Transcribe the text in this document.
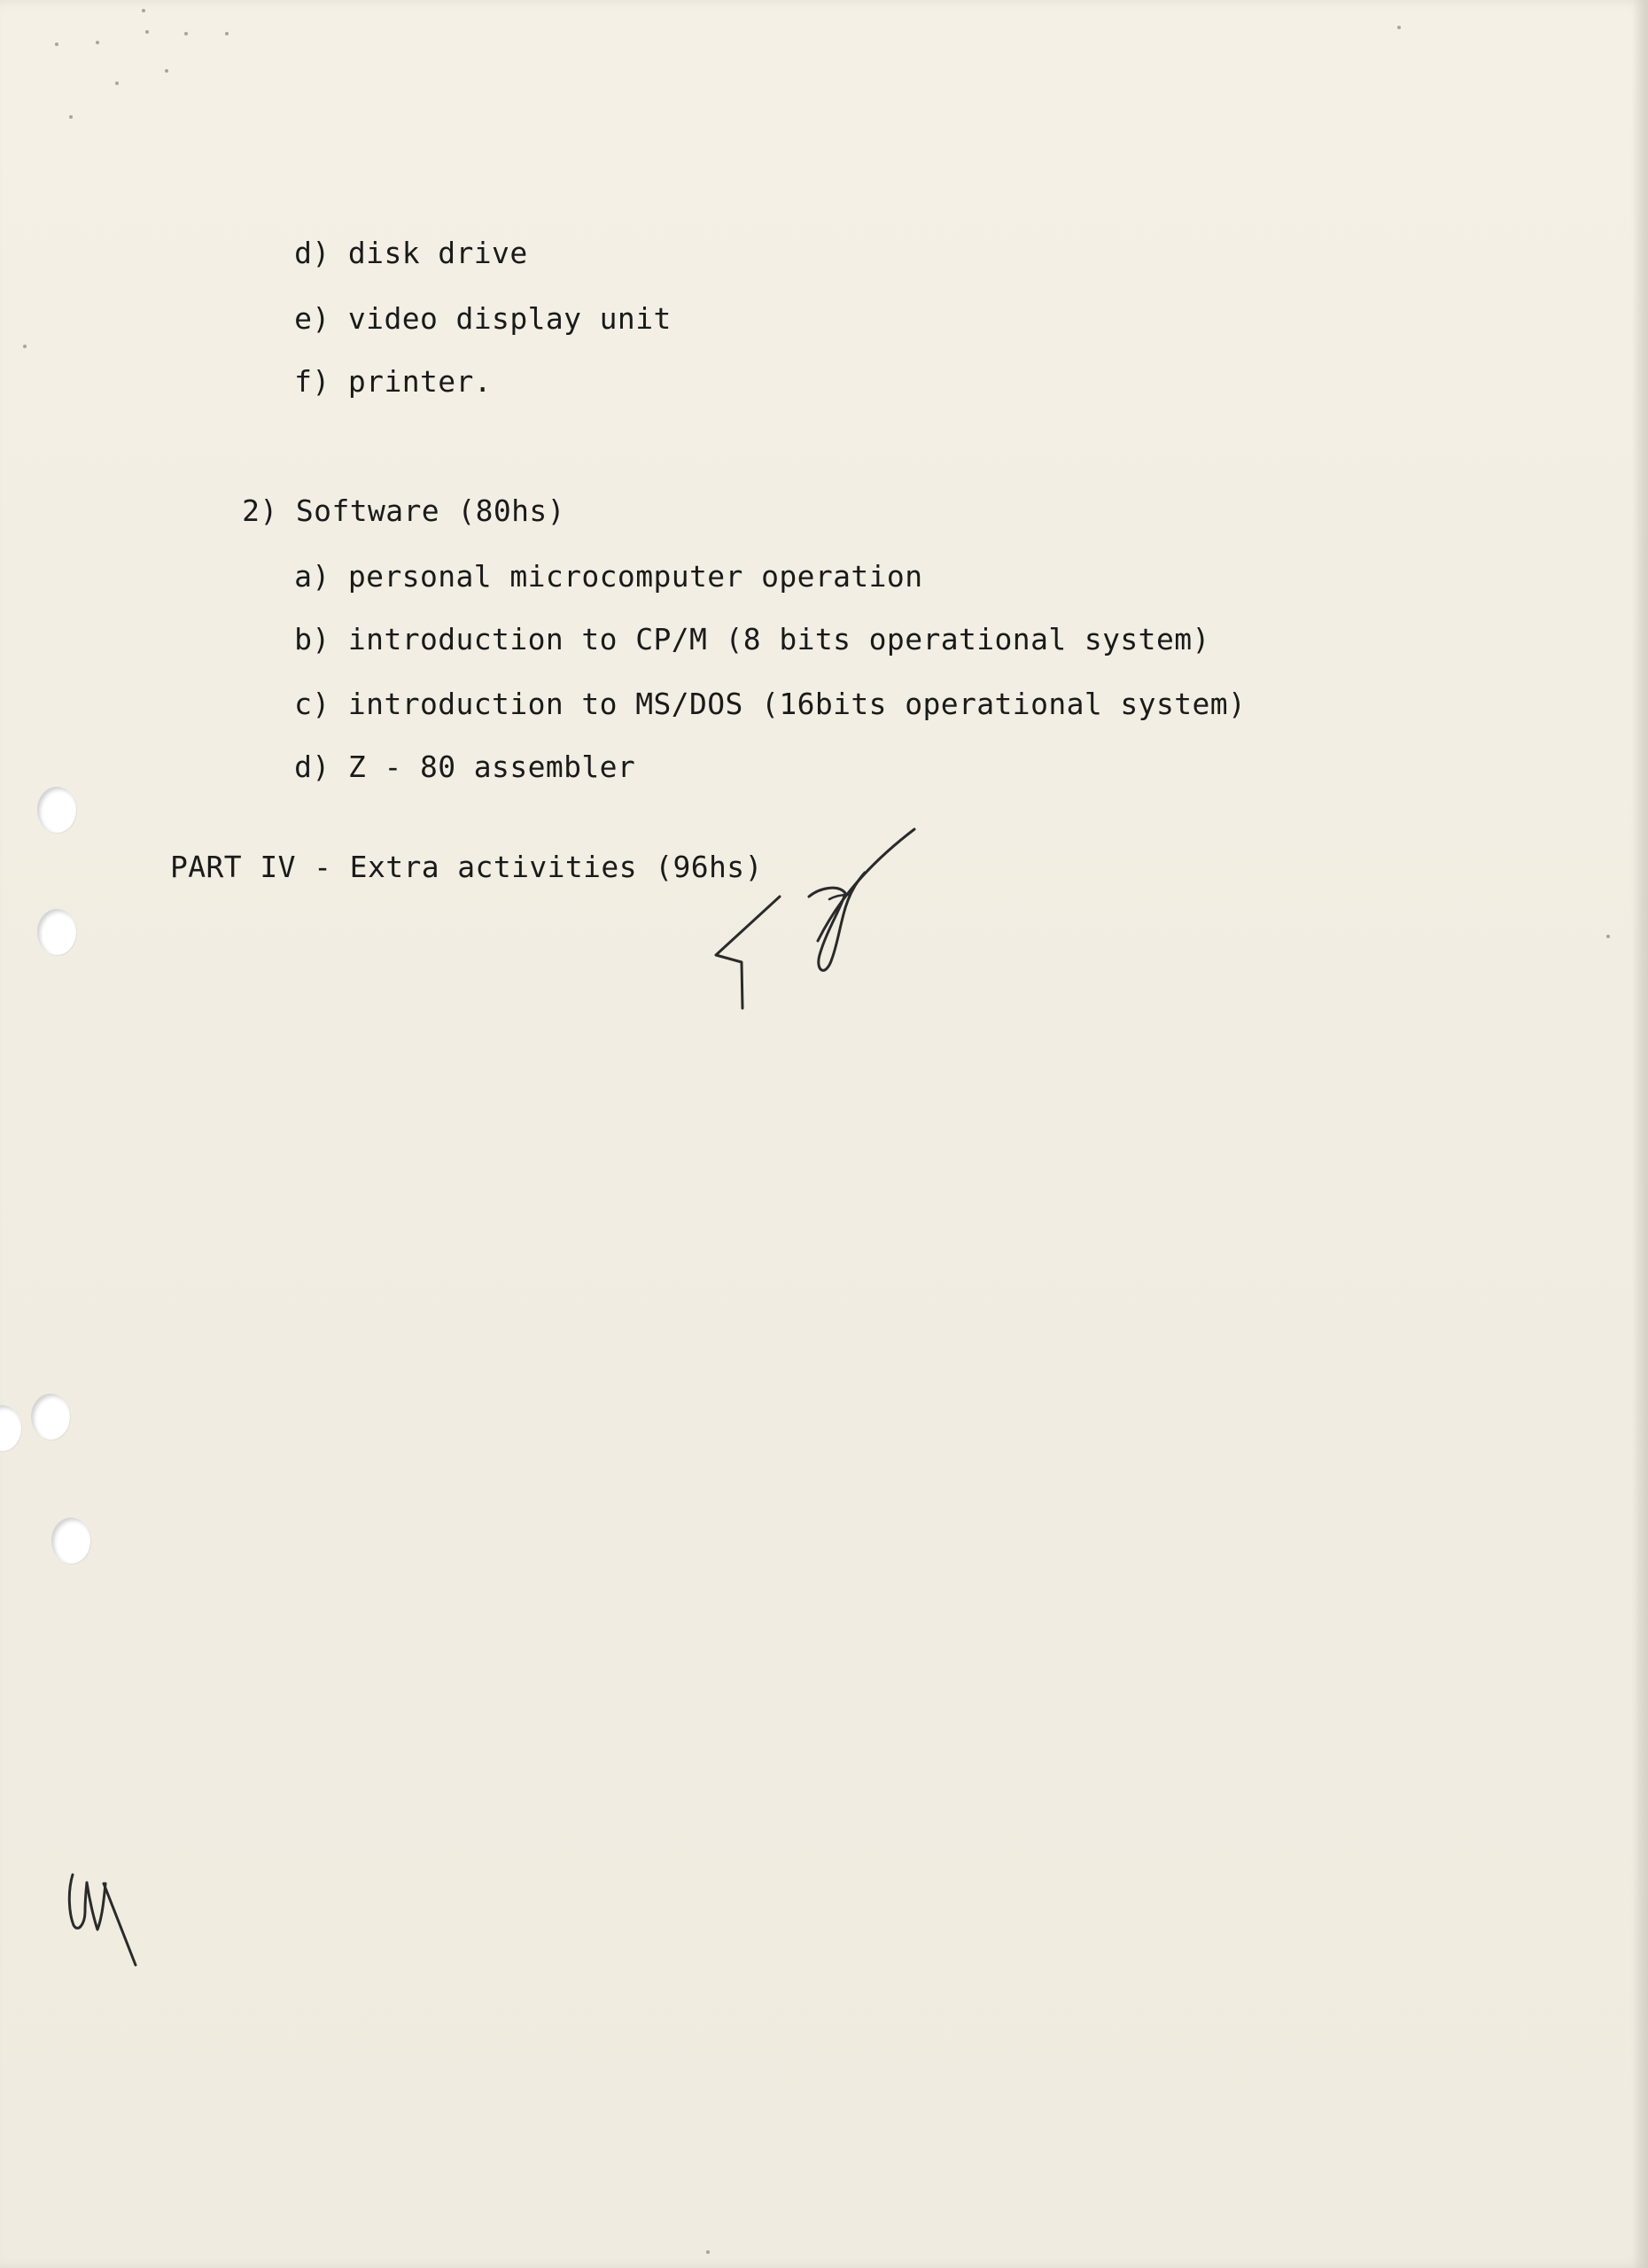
d) disk drive

e) video display unit

f) printer.

2) Software (80hs)

a) personal microcomputer operation

b) introduction to CP/M (8 bits operational system)

c) introduction to MS/DOS (16bits operational system)

d) Z - 80 assembler

PART IV - Extra activities (96hs)
